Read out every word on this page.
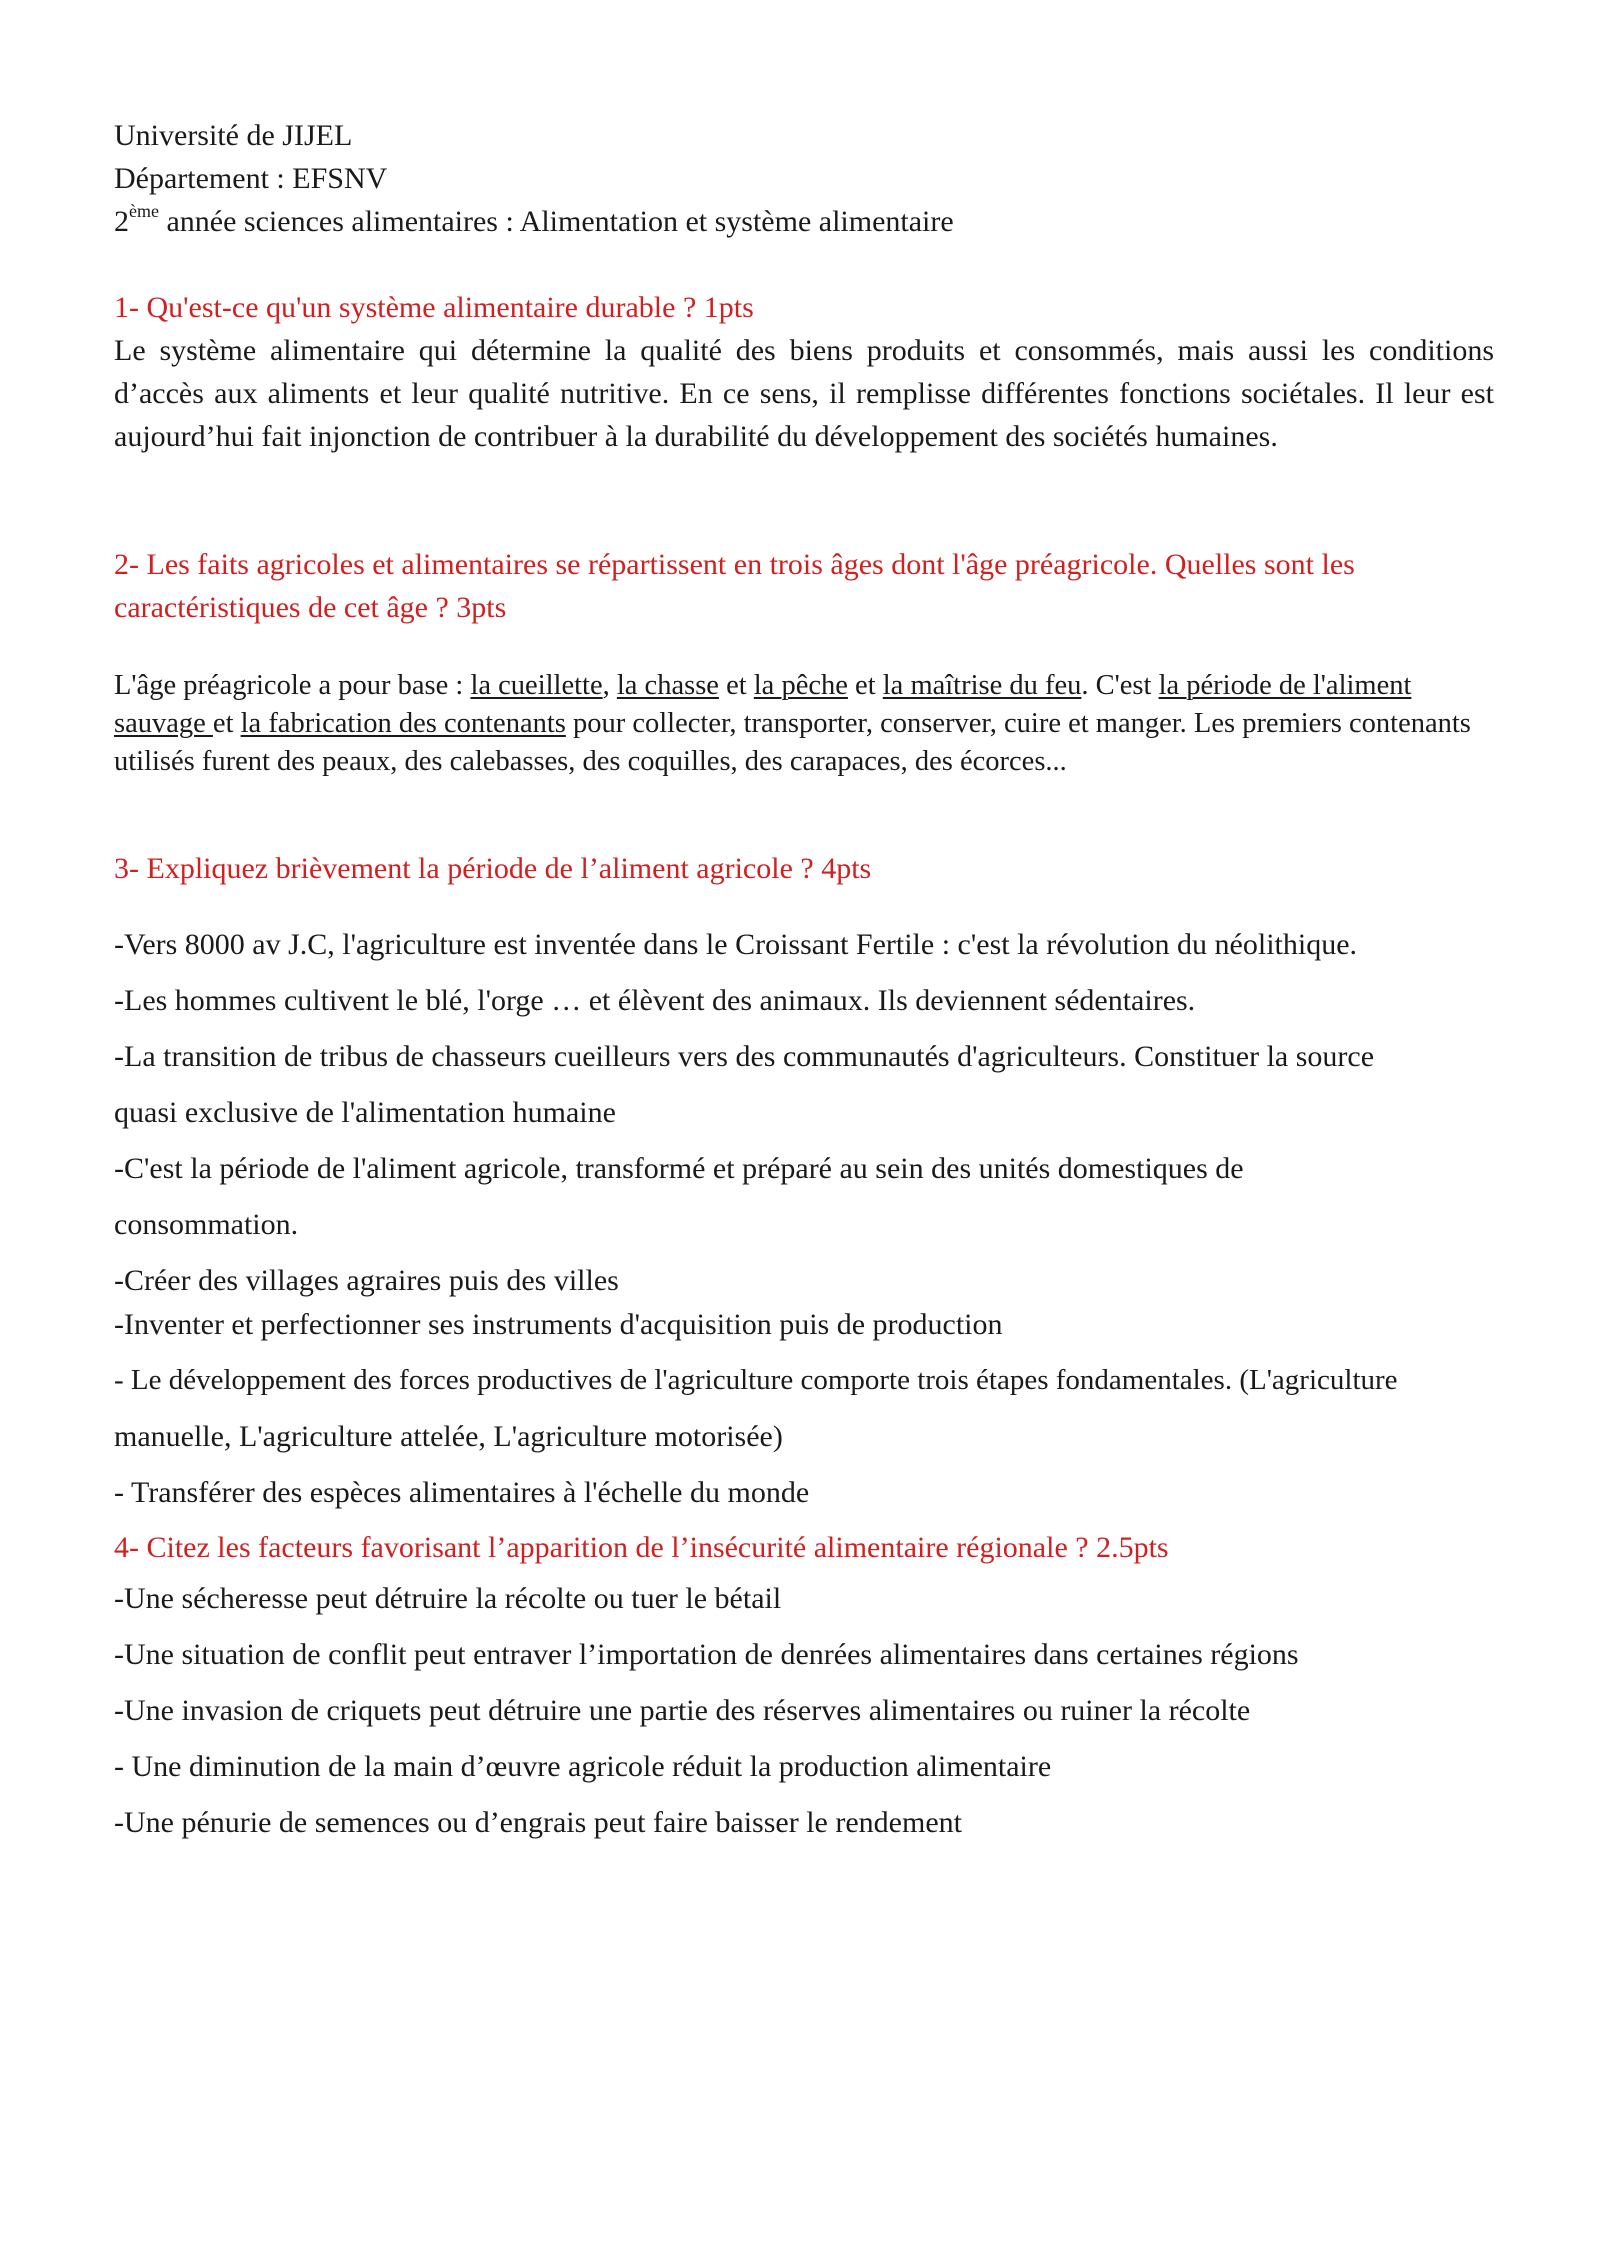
Université de JIJEL
Département : EFSNV
2ème année sciences alimentaires : Alimentation et système alimentaire
1- Qu'est-ce qu'un système alimentaire durable ? 1pts
Le système alimentaire qui détermine la qualité des biens produits et consommés, mais aussi les conditions d’accès aux aliments et leur qualité nutritive. En ce sens, il remplisse différentes fonctions sociétales. Il leur est aujourd’hui fait injonction de contribuer à la durabilité du développement des sociétés humaines.
2- Les faits agricoles et alimentaires se répartissent en trois âges dont l'âge préagricole. Quelles sont les caractéristiques de cet âge ? 3pts
L'âge préagricole a pour base : la cueillette, la chasse et la pêche et la maîtrise du feu. C'est la période de l'aliment sauvage et la fabrication des contenants pour collecter, transporter, conserver, cuire et manger. Les premiers contenants utilisés furent des peaux, des calebasses, des coquilles, des carapaces, des écorces...
3- Expliquez brièvement la période de l’aliment agricole ? 4pts
-Vers 8000 av J.C, l'agriculture est inventée dans le Croissant Fertile : c'est la révolution du néolithique.
-Les hommes cultivent le blé, l'orge … et élèvent des animaux. Ils deviennent sédentaires.
-La transition de tribus de chasseurs cueilleurs vers des communautés d'agriculteurs. Constituer la source
quasi exclusive de l'alimentation humaine
-C'est la période de l'aliment agricole, transformé et préparé au sein des unités domestiques de
consommation.
-Créer des villages agraires puis des villes
-Inventer et perfectionner ses instruments d'acquisition puis de production
- Le développement des forces productives de l'agriculture comporte trois étapes fondamentales. (L'agriculture
manuelle, L'agriculture attelée, L'agriculture motorisée)
- Transférer des espèces alimentaires à l'échelle du monde
4- Citez les facteurs favorisant l’apparition de l’insécurité alimentaire régionale ? 2.5pts
-Une sécheresse peut détruire la récolte ou tuer le bétail
-Une situation de conflit peut entraver l’importation de denrées alimentaires dans certaines régions
-Une invasion de criquets peut détruire une partie des réserves alimentaires ou ruiner la récolte
- Une diminution de la main d’œuvre agricole réduit la production alimentaire
-Une pénurie de semences ou d’engrais peut faire baisser le rendement
